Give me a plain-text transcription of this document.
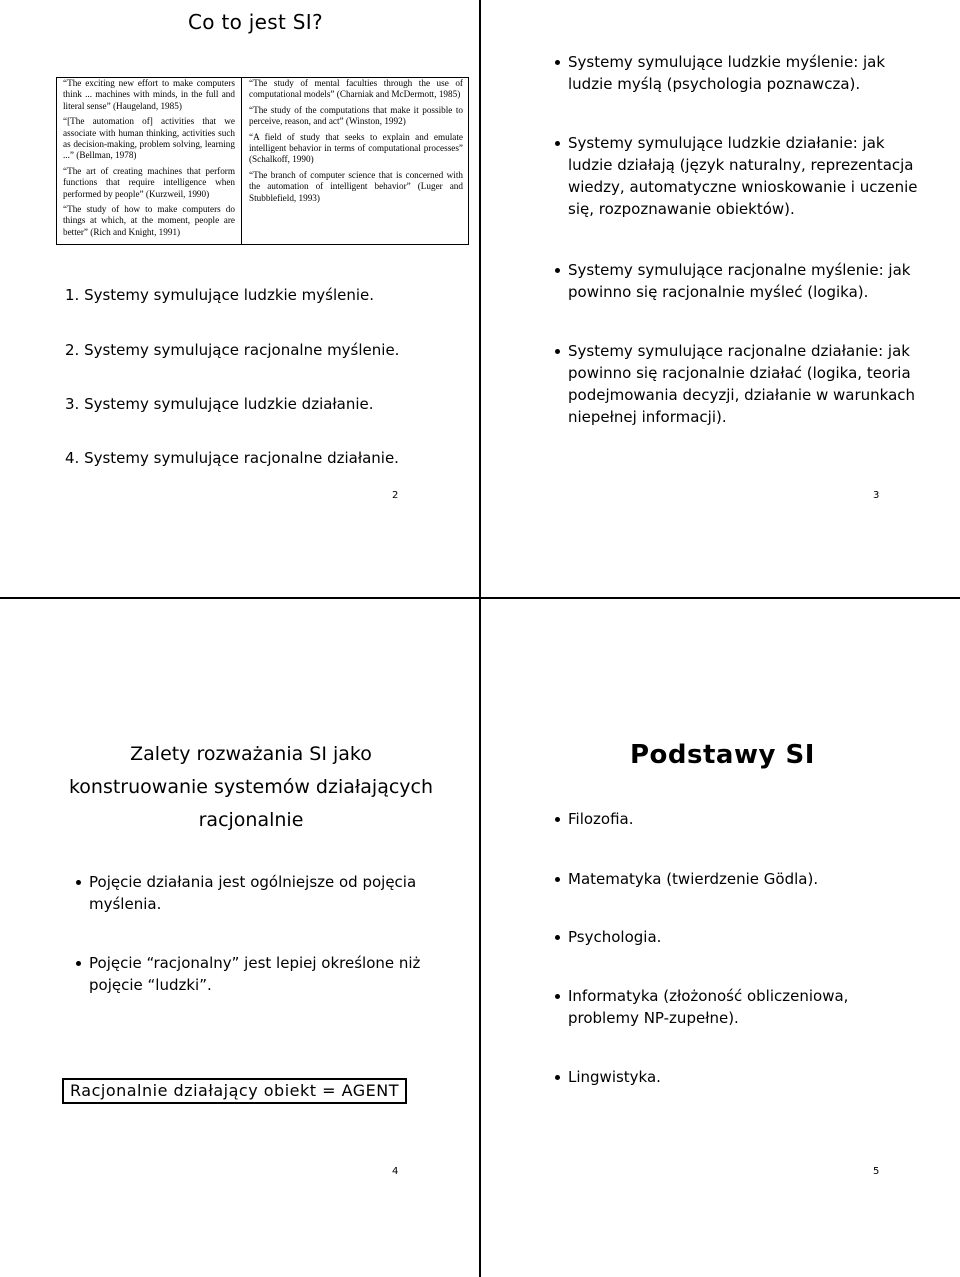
Co to jest SI?

“The exciting new effort to make computers think ... machines with minds, in the full and literal sense” (Haugeland, 1985)

“[The automation of] activities that we associate with human thinking, activities such as decision-making, problem solving, learning ...” (Bellman, 1978)

“The art of creating machines that perform functions that require intelligence when performed by people” (Kurzweil, 1990)

“The study of how to make computers do things at which, at the moment, people are better” (Rich and Knight, 1991)

“The study of mental faculties through the use of computational models” (Charniak and McDermott, 1985)

“The study of the computations that make it possible to perceive, reason, and act” (Winston, 1992)

“A field of study that seeks to explain and emulate intelligent behavior in terms of computational processes” (Schalkoff, 1990)

“The branch of computer science that is concerned with the automation of intelligent behavior” (Luger and Stubblefield, 1993)

1. Systemy symulujące ludzkie myślenie.
2. Systemy symulujące racjonalne myślenie.
3. Systemy symulujące ludzkie działanie.
4. Systemy symulujące racjonalne działanie.
2
Systemy symulujące ludzkie myślenie: jak ludzie myślą (psychologia poznawcza).
Systemy symulujące ludzkie działanie: jak ludzie działają (język naturalny, reprezentacja wiedzy, automatyczne wnioskowanie i uczenie się, rozpoznawanie obiektów).
Systemy symulujące racjonalne myślenie: jak powinno się racjonalnie myśleć (logika).
Systemy symulujące racjonalne działanie: jak powinno się racjonalnie działać (logika, teoria podejmowania decyzji, działanie w warunkach niepełnej informacji).
3
Zalety rozważania SI jako
konstruowanie systemów działających
racjonalnie
Pojęcie działania jest ogólniejsze od pojęcia myślenia.
Pojęcie “racjonalny” jest lepiej określone niż pojęcie “ludzki”.
Racjonalnie działający obiekt = AGENT
4
Podstawy SI
Filozofia.
Matematyka (twierdzenie Gödla).
Psychologia.
Informatyka (złożoność obliczeniowa, problemy NP-zupełne).
Lingwistyka.
5
